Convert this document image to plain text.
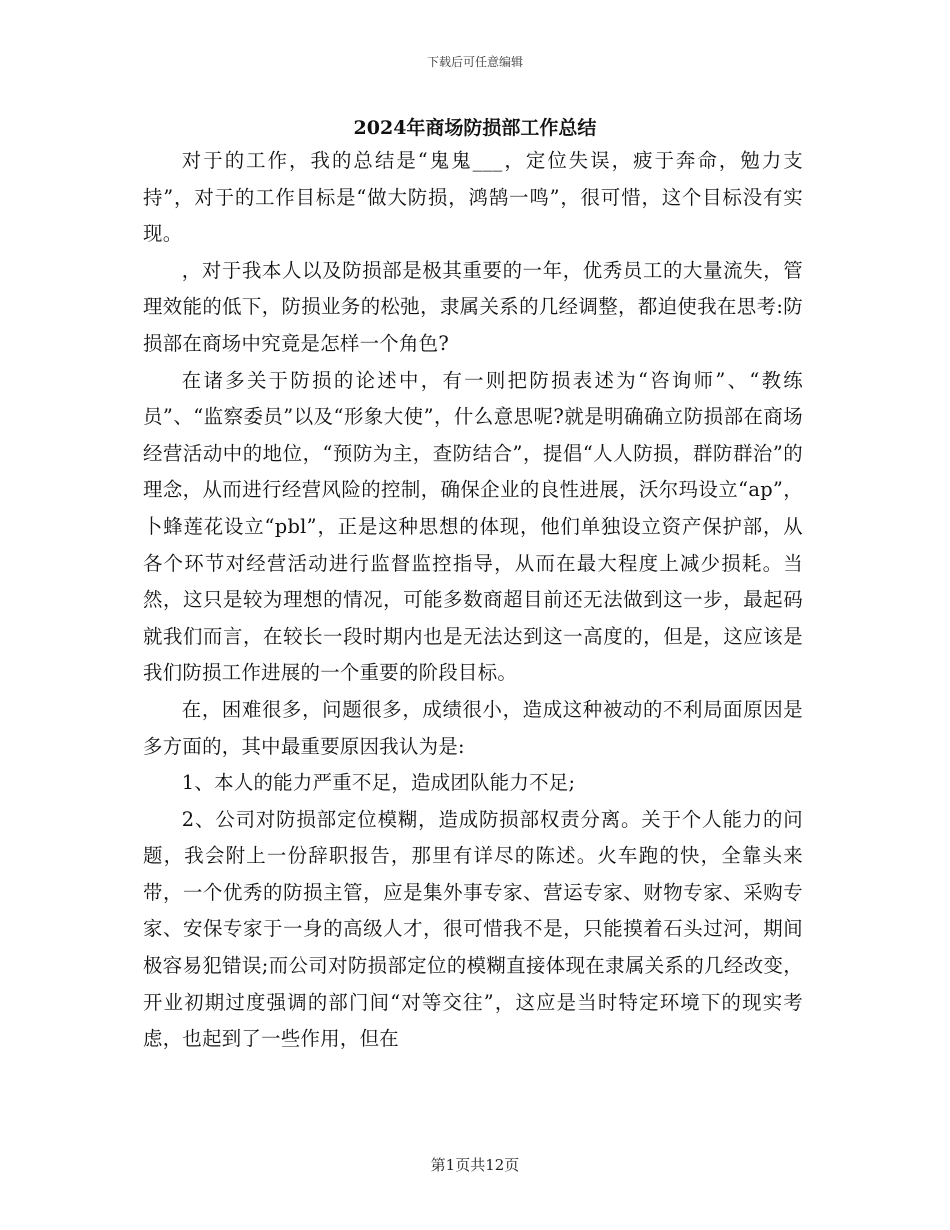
下载后可任意编辑
2024年商场防损部工作总结

对于的工作，我的总结是“鬼鬼___，定位失误，疲于奔命，勉力支持”，对于的工作目标是“做大防损，鸿鹄一鸣”，很可惜，这个目标没有实现。

，对于我本人以及防损部是极其重要的一年，优秀员工的大量流失，管理效能的低下，防损业务的松弛，隶属关系的几经调整，都迫使我在思考:防损部在商场中究竟是怎样一个角色?

在诸多关于防损的论述中，有一则把防损表述为“咨询师”、“教练员”、“监察委员”以及“形象大使”，什么意思呢?就是明确确立防损部在商场经营活动中的地位，“预防为主，查防结合”，提倡“人人防损，群防群治”的理念，从而进行经营风险的控制，确保企业的良性进展，沃尔玛设立“ap”，卜蜂莲花设立“pbl”，正是这种思想的体现，他们单独设立资产保护部，从各个环节对经营活动进行监督监控指导，从而在最大程度上减少损耗。当然，这只是较为理想的情况，可能多数商超目前还无法做到这一步，最起码就我们而言，在较长一段时期内也是无法达到这一高度的，但是，这应该是我们防损工作进展的一个重要的阶段目标。

在，困难很多，问题很多，成绩很小，造成这种被动的不利局面原因是多方面的，其中最重要原因我认为是:

1、本人的能力严重不足，造成团队能力不足;

2、公司对防损部定位模糊，造成防损部权责分离。关于个人能力的问题，我会附上一份辞职报告，那里有详尽的陈述。火车跑的快，全靠头来带，一个优秀的防损主管，应是集外事专家、营运专家、财物专家、采购专家、安保专家于一身的高级人才，很可惜我不是，只能摸着石头过河，期间极容易犯错误;而公司对防损部定位的模糊直接体现在隶属关系的几经改变，开业初期过度强调的部门间“对等交往”，这应是当时特定环境下的现实考虑，也起到了一些作用，但在

第1页共12页
